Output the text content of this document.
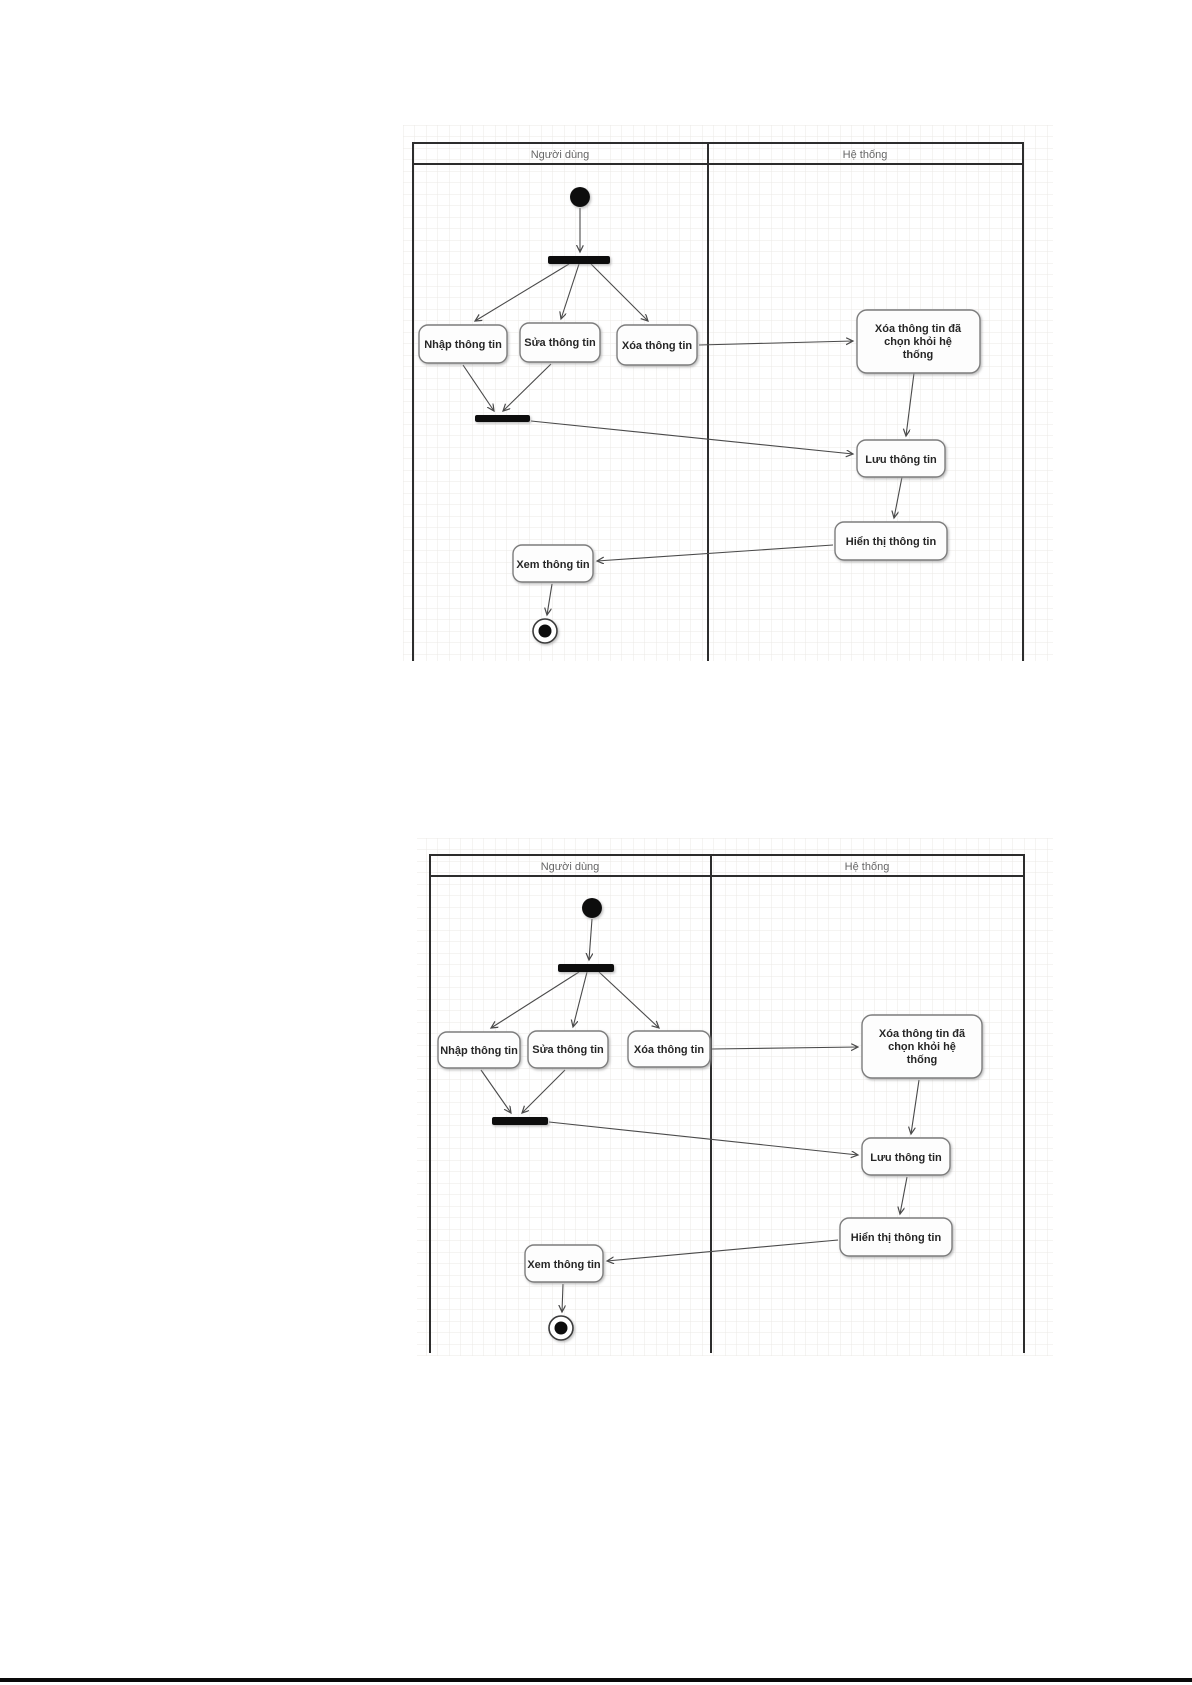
Người dùng	Hệ thống
Nhập thông tin Sửa thông tin Xóa thông tin
Xóa thông tin đã
chọn khỏi hệ
thống
Lưu thông tin
Hiển thị thông tin
Xem thông tin
Người dùng	Hệ thống
Nhập thông tin Sửa thông tin	Xóa thông tin
Xóa thông tin đã
chọn khỏi hệ
thống
Lưu thông tin
Hiển thị thông tin
Xem thông tin
